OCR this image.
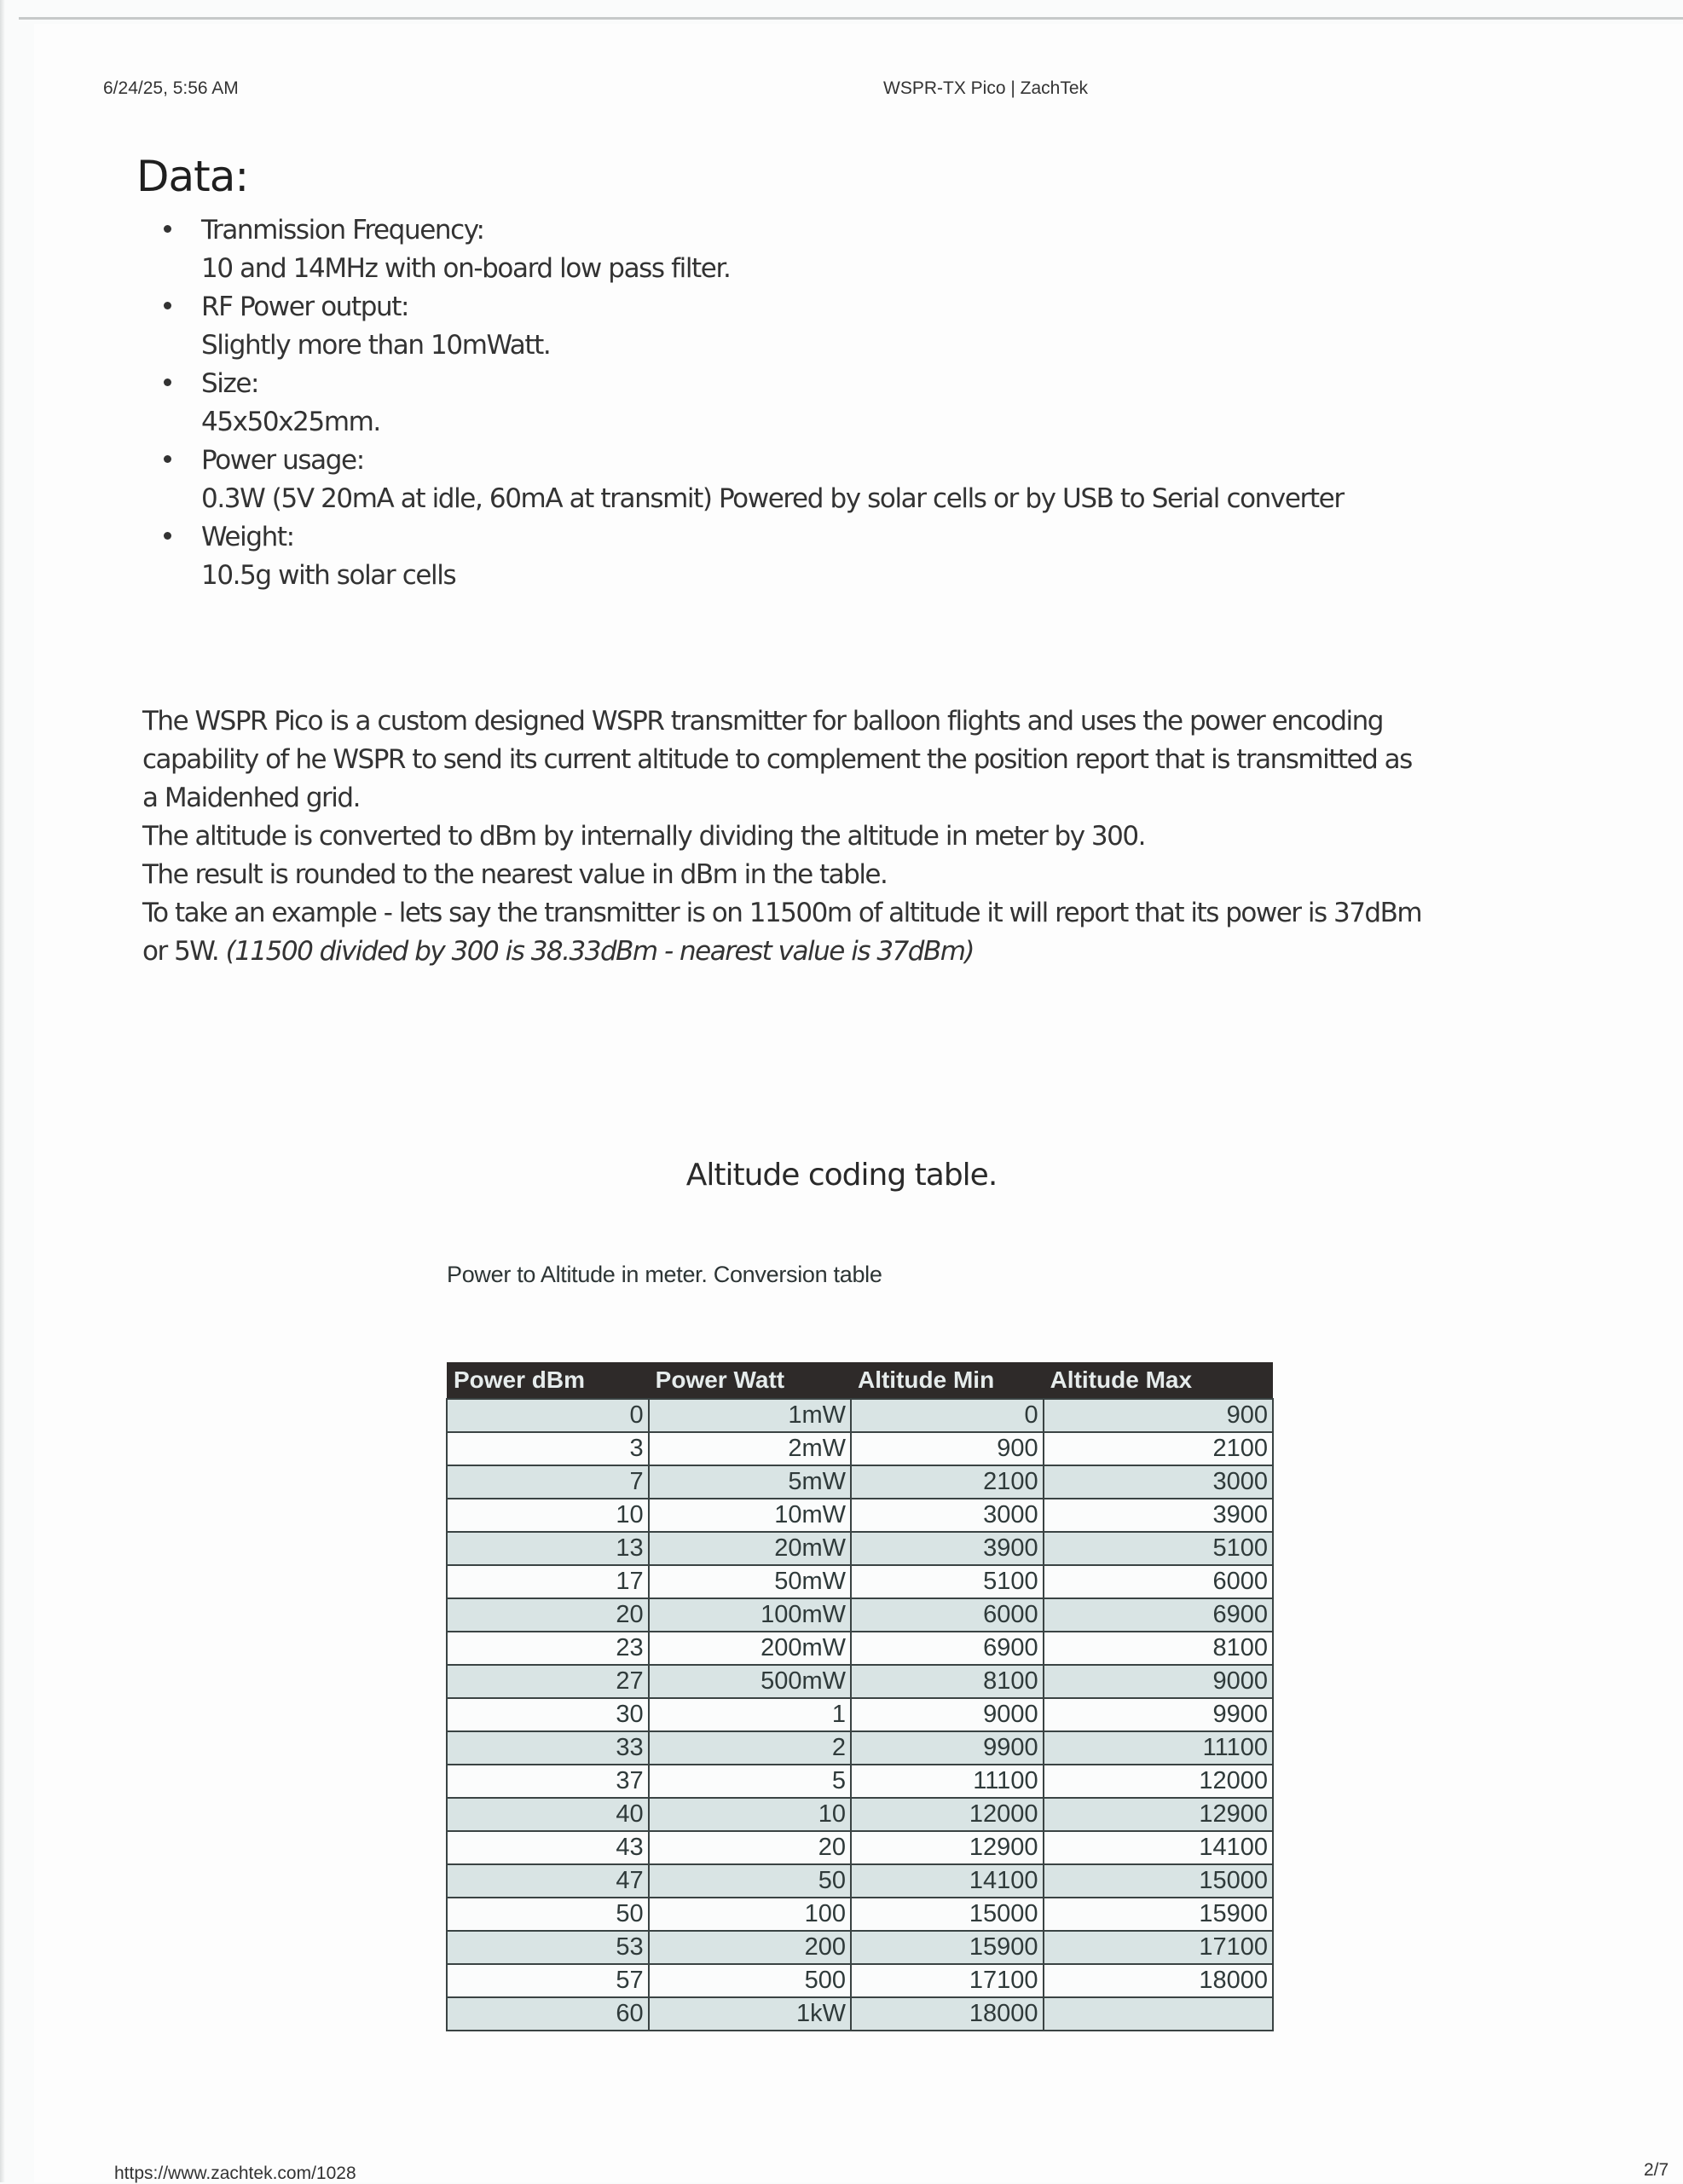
6/24/25, 5:56 AM	WSPR-TX Pico | ZachTek
Data:
Tranmission Frequency:
10 and 14MHz with on-board low pass filter.
RF Power output:
Slightly more than 10mWatt.
Size:
45x50x25mm.
Power usage:
0.3W (5V 20mA at idle, 60mA at transmit) Powered by solar cells or by USB to Serial converter
Weight:
10.5g with solar cells

The WSPR Pico is a custom designed WSPR transmitter for balloon flights and uses the power encoding

capability of he WSPR to send its current altitude to complement the position report that is transmitted as

a Maidenhed grid.

The altitude is converted to dBm by internally dividing the altitude in meter by 300.

The result is rounded to the nearest value in dBm in the table.

To take an example - lets say the transmitter is on 11500m of altitude it will report that its power is 37dBm

or 5W. (11500 divided by 300 is 38.33dBm - nearest value is 37dBm)

Altitude coding table.
Power to Altitude in meter. Conversion table
Power dBm	Power Watt	Altitude Min	Altitude Max
0	1mW	0	900
3	2mW	900	2100
7	5mW	2100	3000
10	10mW	3000	3900
13	20mW	3900	5100
17	50mW	5100	6000
20	100mW	6000	6900
23	200mW	6900	8100
27	500mW	8100	9000
30	1	9000	9900
33	2	9900	11100
37	5	11100	12000
40	10	12000	12900
43	20	12900	14100
47	50	14100	15000
50	100	15000	15900
53	200	15900	17100
57	500	17100	18000
60	1kW	18000	
https://www.zachtek.com/1028	2/7
